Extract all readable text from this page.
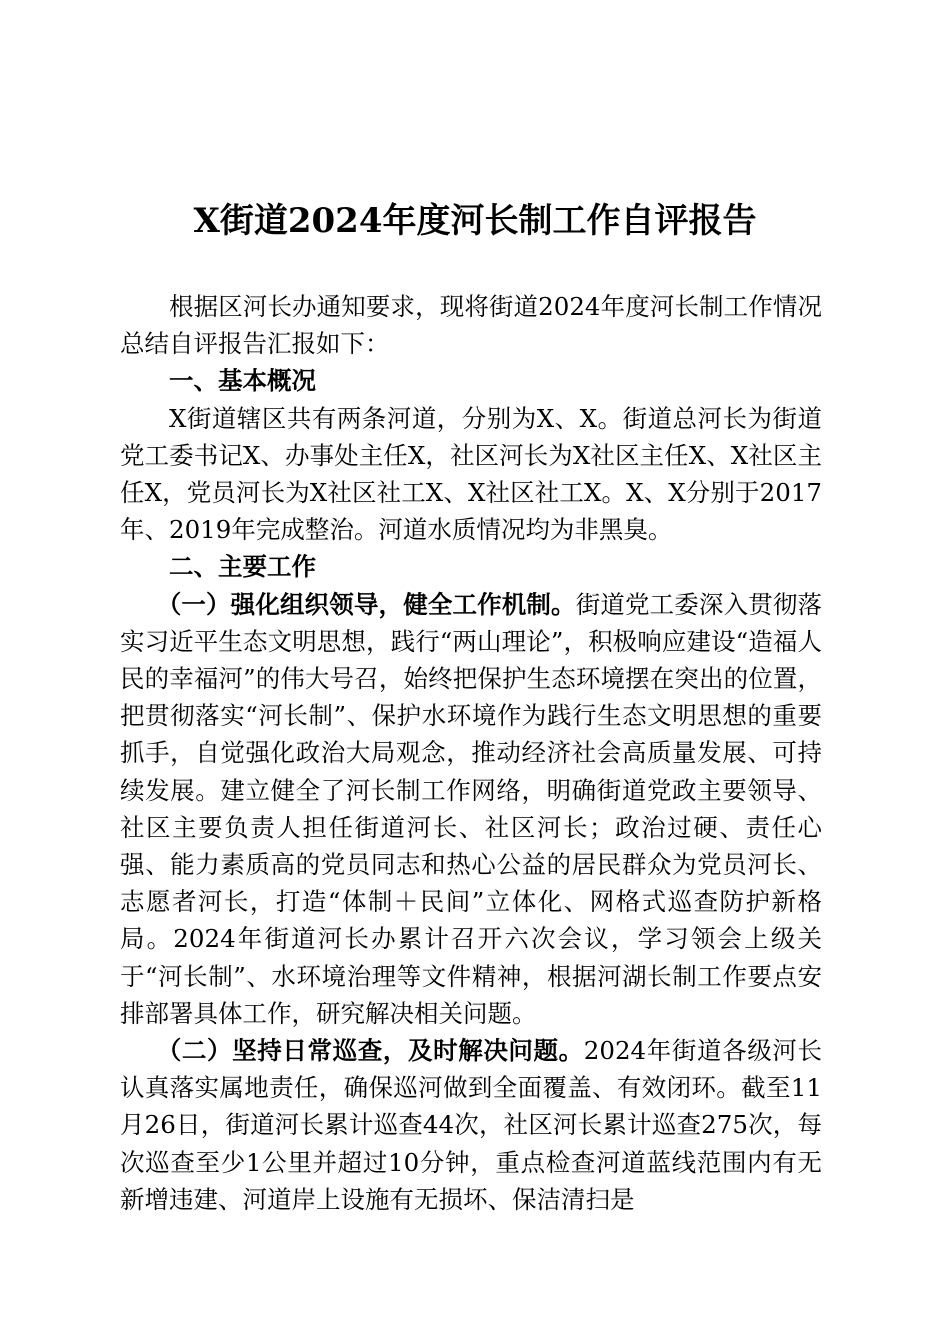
X街道2024年度河长制工作自评报告

根据区河长办通知要求，现将街道2024年度河长制工作情况总结自评报告汇报如下：

一、基本概况

X街道辖区共有两条河道，分别为X、X。街道总河长为街道党工委书记X、办事处主任X，社区河长为X社区主任X、X社区主任X，党员河长为X社区社工X、X社区社工X。X、X分别于2017年、2019年完成整治。河道水质情况均为非黑臭。

二、主要工作

（一）强化组织领导，健全工作机制。街道党工委深入贯彻落实习近平生态文明思想，践行“两山理论”，积极响应建设“造福人民的幸福河”的伟大号召，始终把保护生态环境摆在突出的位置，把贯彻落实“河长制”、保护水环境作为践行生态文明思想的重要抓手，自觉强化政治大局观念，推动经济社会高质量发展、可持续发展。建立健全了河长制工作网络，明确街道党政主要领导、社区主要负责人担任街道河长、社区河长；政治过硬、责任心强、能力素质高的党员同志和热心公益的居民群众为党员河长、志愿者河长，打造“体制＋民间”立体化、网格式巡查防护新格局。2024年街道河长办累计召开六次会议，学习领会上级关于“河长制”、水环境治理等文件精神，根据河湖长制工作要点安排部署具体工作，研究解决相关问题。

（二）坚持日常巡查，及时解决问题。2024年街道各级河长认真落实属地责任，确保巡河做到全面覆盖、有效闭环。截至11月26日，街道河长累计巡查44次，社区河长累计巡查275次，每次巡查至少1公里并超过10分钟，重点检查河道蓝线范围内有无新增违建、河道岸上设施有无损坏、保洁清扫是
